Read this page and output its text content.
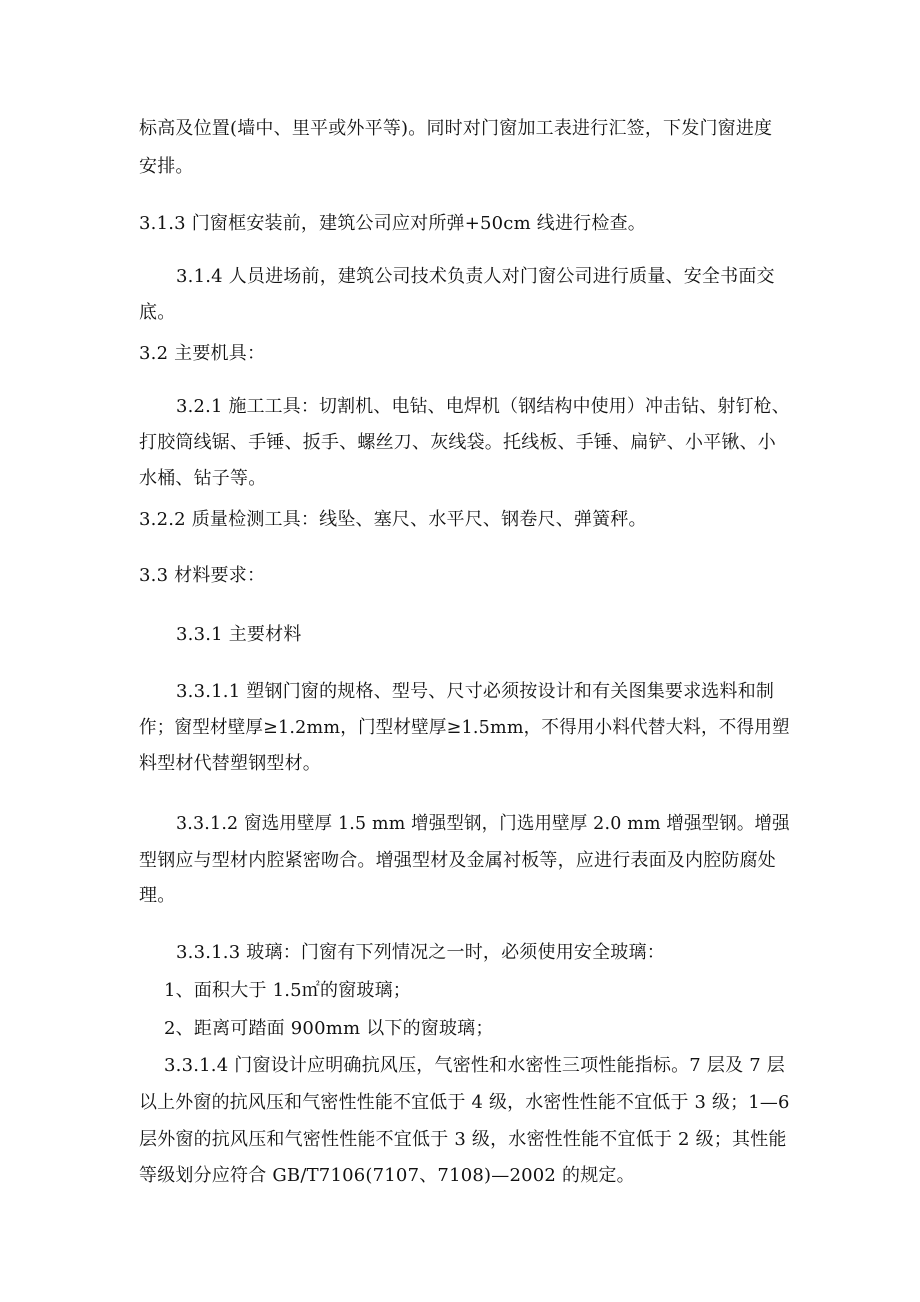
标高及位置(墙中、里平或外平等)。同时对门窗加工表进行汇签，下发门窗进度
安排。
3.1.3 门窗框安装前，建筑公司应对所弹+50cm 线进行检查。
3.1.4 人员进场前，建筑公司技术负责人对门窗公司进行质量、安全书面交
底。
3.2 主要机具：
3.2.1 施工工具：切割机、电钻、电焊机（钢结构中使用）冲击钻、射钉枪、
打胶筒线锯、手锤、扳手、螺丝刀、灰线袋。托线板、手锤、扁铲、小平锹、小
水桶、钻子等。
3.2.2 质量检测工具：线坠、塞尺、水平尺、钢卷尺、弹簧秤。
3.3 材料要求：
3.3.1 主要材料
3.3.1.1 塑钢门窗的规格、型号、尺寸必须按设计和有关图集要求选料和制
作；窗型材壁厚≥1.2mm，门型材壁厚≥1.5mm，不得用小料代替大料，不得用塑
料型材代替塑钢型材。
3.3.1.2 窗选用壁厚 1.5 mm 增强型钢，门选用壁厚 2.0 mm 增强型钢。增强
型钢应与型材内腔紧密吻合。增强型材及金属衬板等，应进行表面及内腔防腐处
理。
3.3.1.3 玻璃：门窗有下列情况之一时，必须使用安全玻璃：
1、面积大于 1.5㎡的窗玻璃；
2、距离可踏面 900mm 以下的窗玻璃；
3.3.1.4 门窗设计应明确抗风压，气密性和水密性三项性能指标。7 层及 7 层
以上外窗的抗风压和气密性性能不宜低于 4 级，水密性性能不宜低于 3 级；1—6
层外窗的抗风压和气密性性能不宜低于 3 级，水密性性能不宜低于 2 级；其性能
等级划分应符合 GB/T7106(7107、7108)—2002 的规定。
